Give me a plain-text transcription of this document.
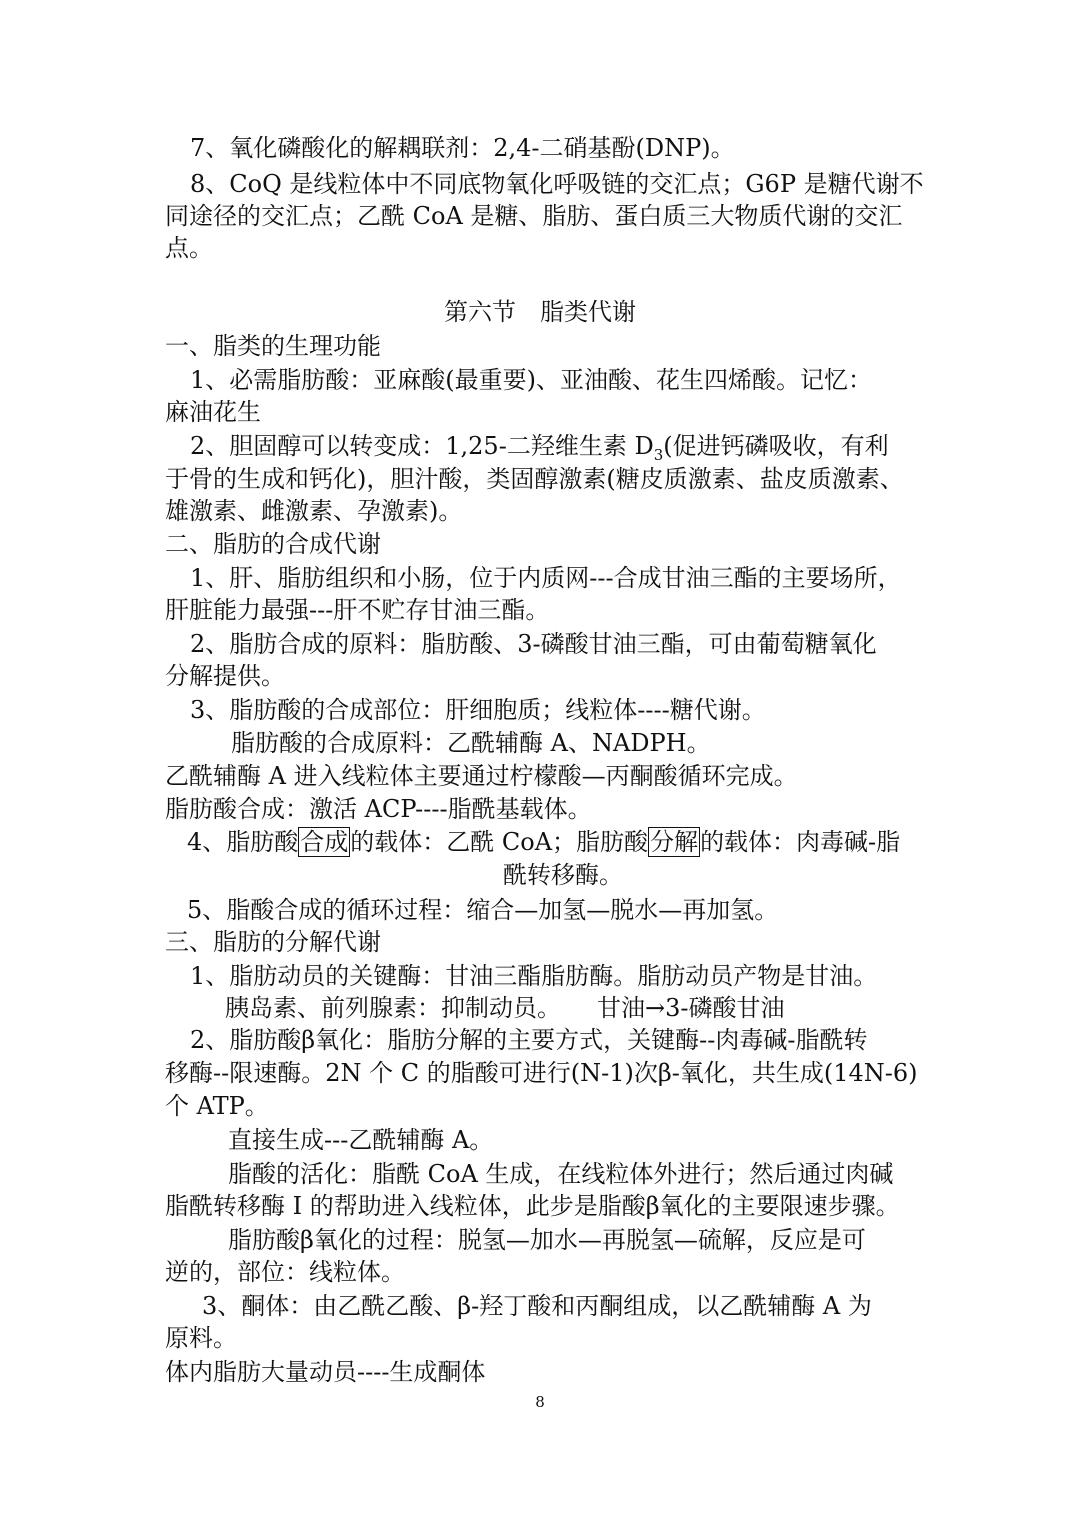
7、氧化磷酸化的解耦联剂：2,4-二硝基酚(DNP)。
8、CoQ 是线粒体中不同底物氧化呼吸链的交汇点；G6P 是糖代谢不
同途径的交汇点；乙酰 CoA 是糖、脂肪、蛋白质三大物质代谢的交汇
点。
第六节　脂类代谢
一、脂类的生理功能
1、必需脂肪酸：亚麻酸(最重要)、亚油酸、花生四烯酸。记忆：
麻油花生
2、胆固醇可以转变成：1,25-二羟维生素 $D_3$(促进钙磷吸收，有利
于骨的生成和钙化)，胆汁酸，类固醇激素(糖皮质激素、盐皮质激素、
雄激素、雌激素、孕激素)。
二、脂肪的合成代谢
1、肝、脂肪组织和小肠，位于内质网---合成甘油三酯的主要场所，
肝脏能力最强---肝不贮存甘油三酯。
2、脂肪合成的原料：脂肪酸、3-磷酸甘油三酯，可由葡萄糖氧化
分解提供。
3、脂肪酸的合成部位：肝细胞质；线粒体----糖代谢。
脂肪酸的合成原料：乙酰辅酶 A、NADPH。
乙酰辅酶 A 进入线粒体主要通过柠檬酸—丙酮酸循环完成。
脂肪酸合成：激活 ACP----脂酰基载体。
4、脂肪酸合成的载体：乙酰 CoA；脂肪酸分解的载体：肉毒碱-脂
酰转移酶。
5、脂酸合成的循环过程：缩合—加氢—脱水—再加氢。
三、脂肪的分解代谢
1、脂肪动员的关键酶：甘油三酯脂肪酶。脂肪动员产物是甘油。
胰岛素、前列腺素：抑制动员。　　甘油→3-磷酸甘油
2、脂肪酸β氧化：脂肪分解的主要方式，关键酶--肉毒碱-脂酰转
移酶--限速酶。2N 个 C 的脂酸可进行(N-1)次β-氧化，共生成(14N-6)
个 ATP。
直接生成---乙酰辅酶 A。
脂酸的活化：脂酰 CoA 生成，在线粒体外进行；然后通过肉碱
脂酰转移酶 I 的帮助进入线粒体，此步是脂酸β氧化的主要限速步骤。
脂肪酸β氧化的过程：脱氢—加水—再脱氢—硫解，反应是可
逆的，部位：线粒体。
3、酮体：由乙酰乙酸、β-羟丁酸和丙酮组成，以乙酰辅酶 A 为
原料。
体内脂肪大量动员----生成酮体
8
